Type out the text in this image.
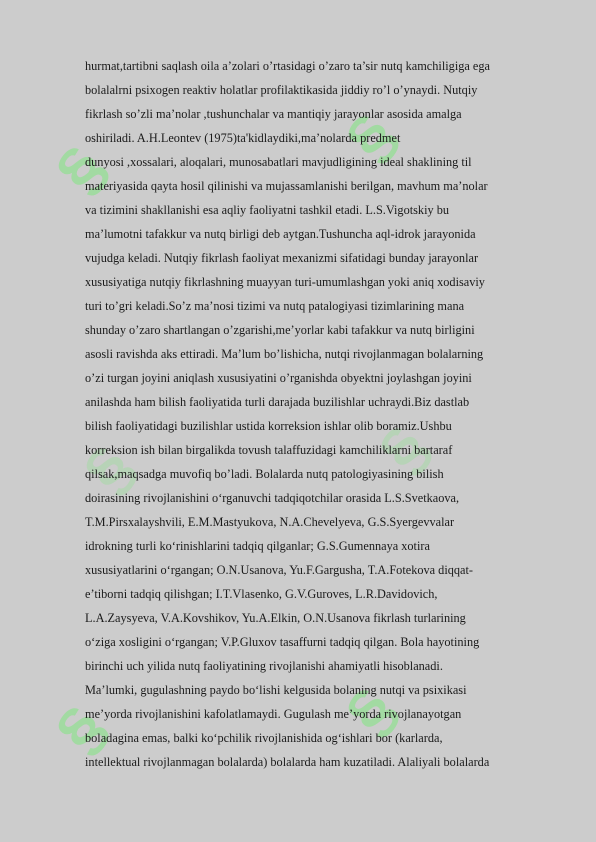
§	§
§	§
§	§
hurmat,tartibni saqlash oila a’zolari o’rtasidagi o’zaro ta’sir nutq kamchiligiga ega
bolalalrni psixogen reaktiv holatlar profilaktikasida jiddiy ro’l o’ynaydi. Nutqiy
fikrlash so’zli ma’nolar ,tushunchalar va mantiqiy jarayonlar asosida amalga
oshiriladi. A.H.Leontev (1975)ta'kidlaydiki,ma’nolarda predmet
dunyosi ,xossalari, aloqalari, munosabatlari mavjudligining ideal shaklining til
materiyasida qayta hosil qilinishi va mujassamlanishi berilgan, mavhum ma’nolar
va tizimini shakllanishi esa aqliy faoliyatni tashkil etadi. L.S.Vigotskiy bu
ma’lumotni tafakkur va nutq birligi deb aytgan.Tushuncha aql-idrok jarayonida
vujudga keladi. Nutqiy fikrlash faoliyat mexanizmi sifatidagi bunday jarayonlar
xususiyatiga nutqiy fikrlashning muayyan turi-umumlashgan yoki aniq xodisaviy
turi to’gri keladi.So’z ma’nosi tizimi va nutq patalogiyasi tizimlarining mana
shunday o’zaro shartlangan o’zgarishi,me’yorlar kabi tafakkur va nutq birligini
asosli ravishda aks ettiradi. Ma’lum bo’lishicha, nutqi rivojlanmagan bolalarning
o’zi turgan joyini aniqlash xususiyatini o’rganishda obyektni joylashgan joyini
anilashda ham bilish faoliyatida turli darajada buzilishlar uchraydi.Biz dastlab
bilish faoliyatidagi buzilishlar ustida korreksion ishlar olib boramiz.Ushbu
korreksion ish bilan birgalikda tovush talaffuzidagi kamchiliklarni bartaraf
qilsak,maqsadga muvofiq bo’ladi. Bolalarda nutq patologiyasining bilish
doirasining rivojlanishini o‘rganuvchi tadqiqotchilar orasida L.S.Svetkaova,
T.M.Pirsxalayshvili, E.M.Mastyukova, N.A.Chevelyeva, G.S.Syergevvalar
idrokning turli ko‘rinishlarini tadqiq qilganlar; G.S.Gumennaya xotira
xususiyatlarini o‘rgangan; O.N.Usanova, Yu.F.Gargusha, T.A.Fotekova diqqat-
e’tiborni tadqiq qilishgan; I.T.Vlasenko, G.V.Guroves, L.R.Davidovich,
L.A.Zaysyeva, V.A.Kovshikov, Yu.A.Elkin, O.N.Usanova fikrlash turlarining
o‘ziga xosligini o‘rgangan; V.P.Gluxov tasaffurni tadqiq qilgan. Bola hayotining
birinchi uch yilida nutq faoliyatining rivojlanishi ahamiyatli hisoblanadi.
Ma’lumki, gugulashning paydo bo‘lishi kelgusida bolaning nutqi va psixikasi
me’yorda rivojlanishini kafolatlamaydi. Gugulash me’yorda rivojlanayotgan
boladagina emas, balki ko‘pchilik rivojlanishida og‘ishlari bor (karlarda,
intellektual rivojlanmagan bolalarda) bolalarda ham kuzatiladi. Alaliyali bolalarda
